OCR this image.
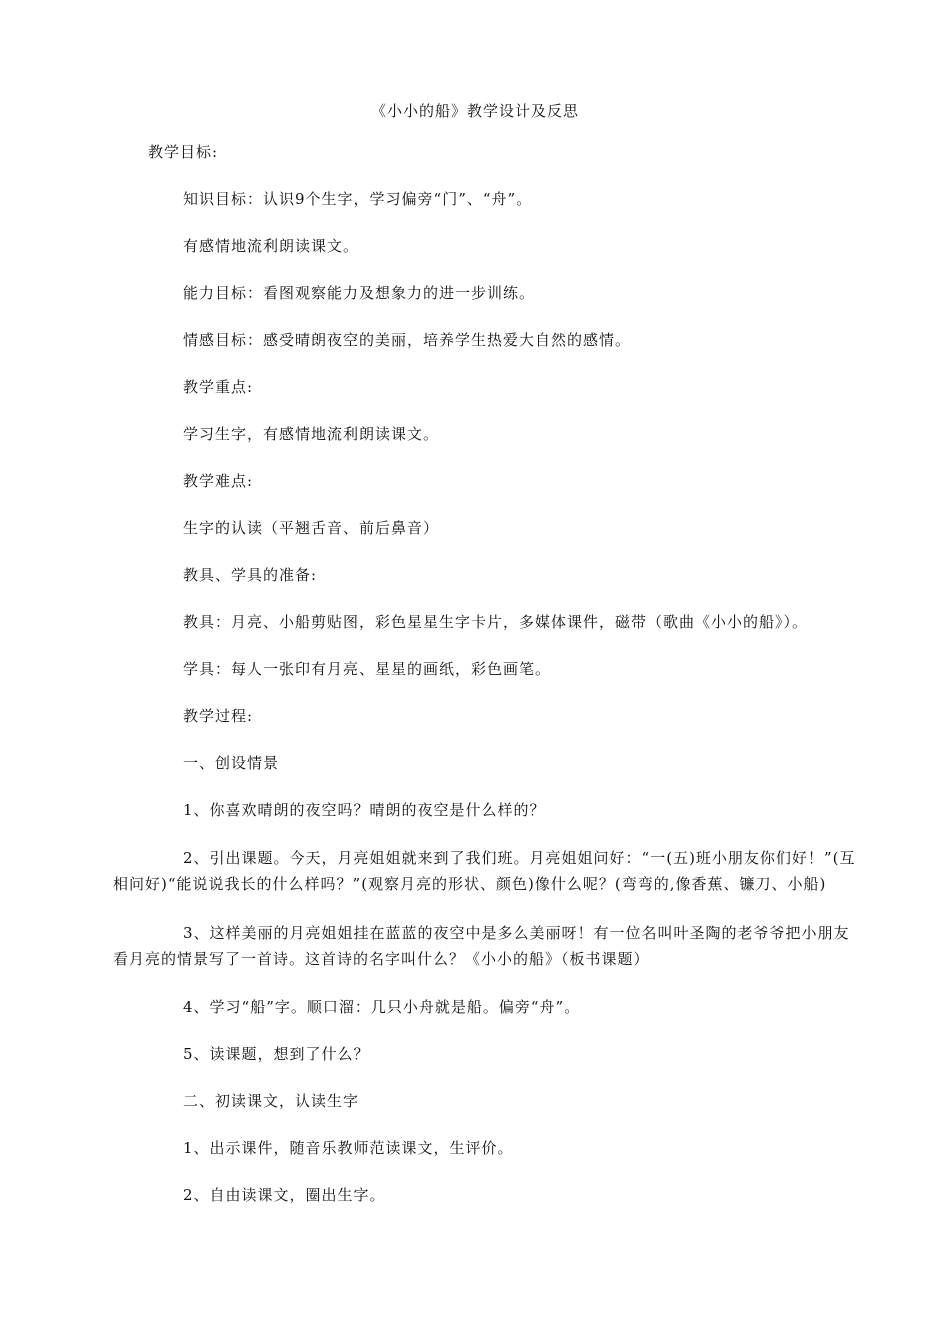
《小小的船》教学设计及反思

教学目标:

知识目标：认识9个生字，学习偏旁“门”、“舟”。

有感情地流利朗读课文。

能力目标：看图观察能力及想象力的进一步训练。

情感目标：感受晴朗夜空的美丽，培养学生热爱大自然的感情。

教学重点:

学习生字，有感情地流利朗读课文。

教学难点:

生字的认读（平翘舌音、前后鼻音）

教具、学具的准备:

教具：月亮、小船剪贴图，彩色星星生字卡片，多媒体课件，磁带（歌曲《小小的船》）。

学具：每人一张印有月亮、星星的画纸，彩色画笔。

教学过程:

一、创设情景

1、你喜欢晴朗的夜空吗？晴朗的夜空是什么样的？

2、引出课题。今天，月亮姐姐就来到了我们班。月亮姐姐问好：“一(五)班小朋友你们好！”(互相问好)“能说说我长的什么样吗？”(观察月亮的形状、颜色)像什么呢？(弯弯的,像香蕉、镰刀、小船)

3、这样美丽的月亮姐姐挂在蓝蓝的夜空中是多么美丽呀！有一位名叫叶圣陶的老爷爷把小朋友看月亮的情景写了一首诗。这首诗的名字叫什么？《小小的船》（板书课题）

4、学习“船”字。顺口溜：几只小舟就是船。偏旁“舟”。

5、读课题，想到了什么？

二、初读课文，认读生字

1、出示课件，随音乐教师范读课文，生评价。

2、自由读课文，圈出生字。
